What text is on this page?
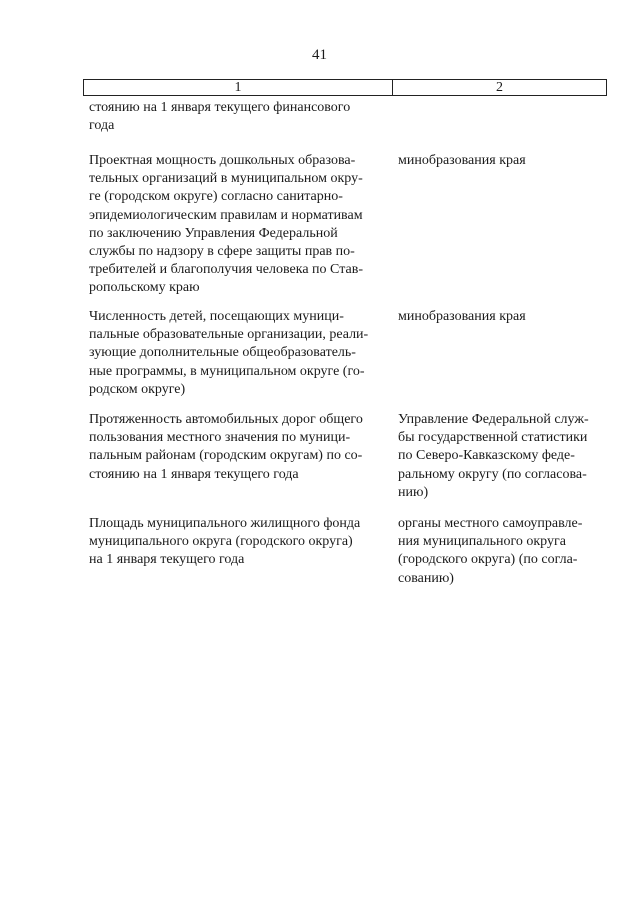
41
1	2
стоянию на 1 января текущего финансового
года
Проектная мощность дошкольных образова-
тельных организаций в муниципальном окру-
ге (городском округе) согласно санитарно-
эпидемиологическим правилам и нормативам
по заключению Управления Федеральной
службы по надзору в сфере защиты прав по-
требителей и благополучия человека по Став-
ропольскому краю
минобразования края
Численность детей, посещающих муници-
пальные образовательные организации, реали-
зующие дополнительные общеобразователь-
ные программы, в муниципальном округе (го-
родском округе)
минобразования края
Протяженность автомобильных дорог общего
пользования местного значения по муници-
пальным районам (городским округам) по со-
стоянию на 1 января текущего года
Управление Федеральной служ-
бы государственной статистики
по Северо-Кавказскому феде-
ральному округу (по согласова-
нию)
Площадь муниципального жилищного фонда
муниципального округа (городского округа)
на 1 января текущего года
органы местного самоуправле-
ния муниципального округа
(городского округа) (по согла-
сованию)
